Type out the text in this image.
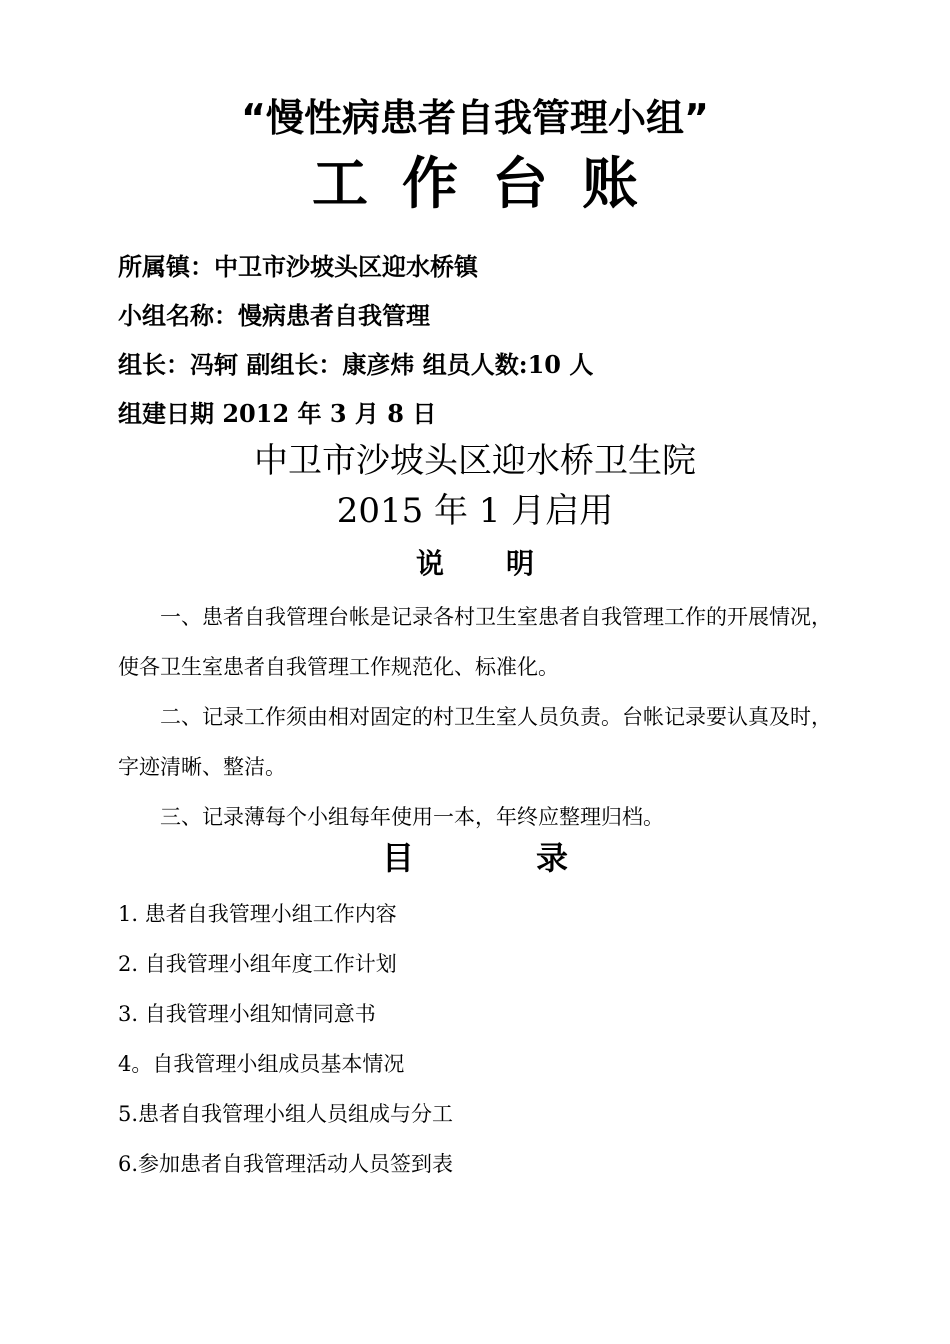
“慢性病患者自我管理小组”
工作台账
所属镇：中卫市沙坡头区迎水桥镇
小组名称：慢病患者自我管理
组长：冯轲 副组长：康彦炜 组员人数:10 人
组建日期 2012 年 3 月 8 日
中卫市沙坡头区迎水桥卫生院
2015 年 1 月启用
说 明
一、患者自我管理台帐是记录各村卫生室患者自我管理工作的开展情况，使各卫生室患者自我管理工作规范化、标准化。
二、记录工作须由相对固定的村卫生室人员负责。台帐记录要认真及时，字迹清晰、整洁。
三、记录薄每个小组每年使用一本，年终应整理归档。
目	录
1. 患者自我管理小组工作内容
2. 自我管理小组年度工作计划
3. 自我管理小组知情同意书
4。自我管理小组成员基本情况
5.患者自我管理小组人员组成与分工
6.参加患者自我管理活动人员签到表
